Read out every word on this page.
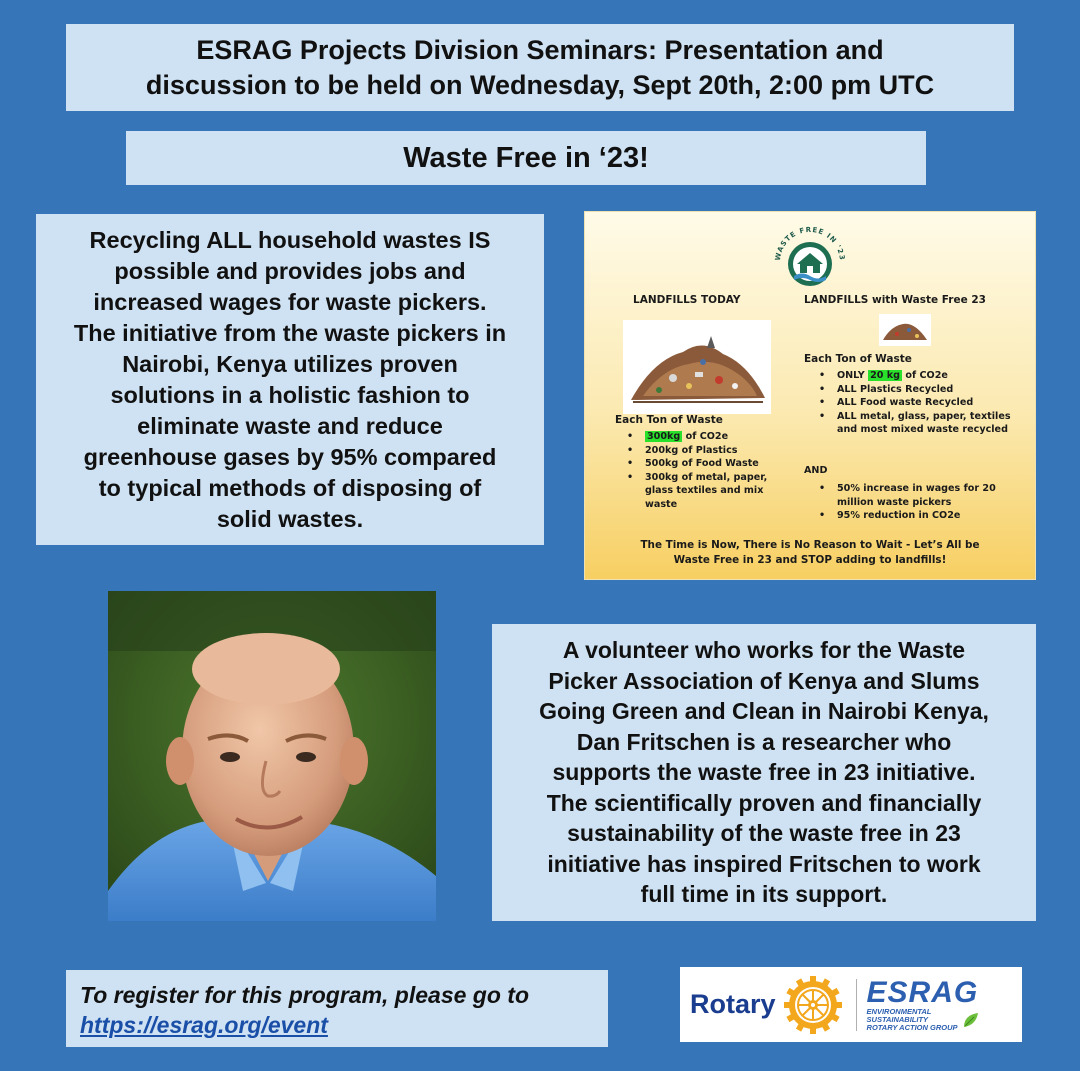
ESRAG Projects Division Seminars: Presentation and
discussion to be held on Wednesday, Sept 20th, 2:00 pm UTC
Waste Free in ‘23!
Recycling ALL household wastes IS
possible and provides jobs and
increased wages for waste pickers.
The initiative from the waste pickers in
Nairobi, Kenya utilizes proven
solutions in a holistic fashion to
eliminate waste and reduce
greenhouse gases by 95% compared
to typical methods of disposing of
solid wastes.
WASTE FREE IN '23
LANDFILLS TODAY	LANDFILLS with Waste Free 23
Each Ton of Waste
• 300kg of CO2e
• 200kg of Plastics
• 500kg of Food Waste
• 300kg of metal, paper, glass textiles and mix waste
Each Ton of Waste
• ONLY 20 kg of CO2e
• ALL Plastics Recycled
• ALL Food waste Recycled
• ALL metal, glass, paper, textiles and most mixed waste recycled
AND
• 50% increase in wages for 20 million waste pickers
• 95% reduction in CO2e
The Time is Now, There is No Reason to Wait - Let’s All be
Waste Free in 23 and STOP adding to landfills!
A volunteer who works for the Waste
Picker Association of Kenya and Slums
Going Green and Clean in Nairobi Kenya,
Dan Fritschen is a researcher who
supports the waste free in 23 initiative.
The scientifically proven and financially
sustainability of the waste free in 23
initiative has inspired Fritschen to work
full time in its support.
To register for this program, please go to
https://esrag.org/event
Rotary	ESRAG
ENVIRONMENTAL
SUSTAINABILITY
ROTARY ACTION GROUP
